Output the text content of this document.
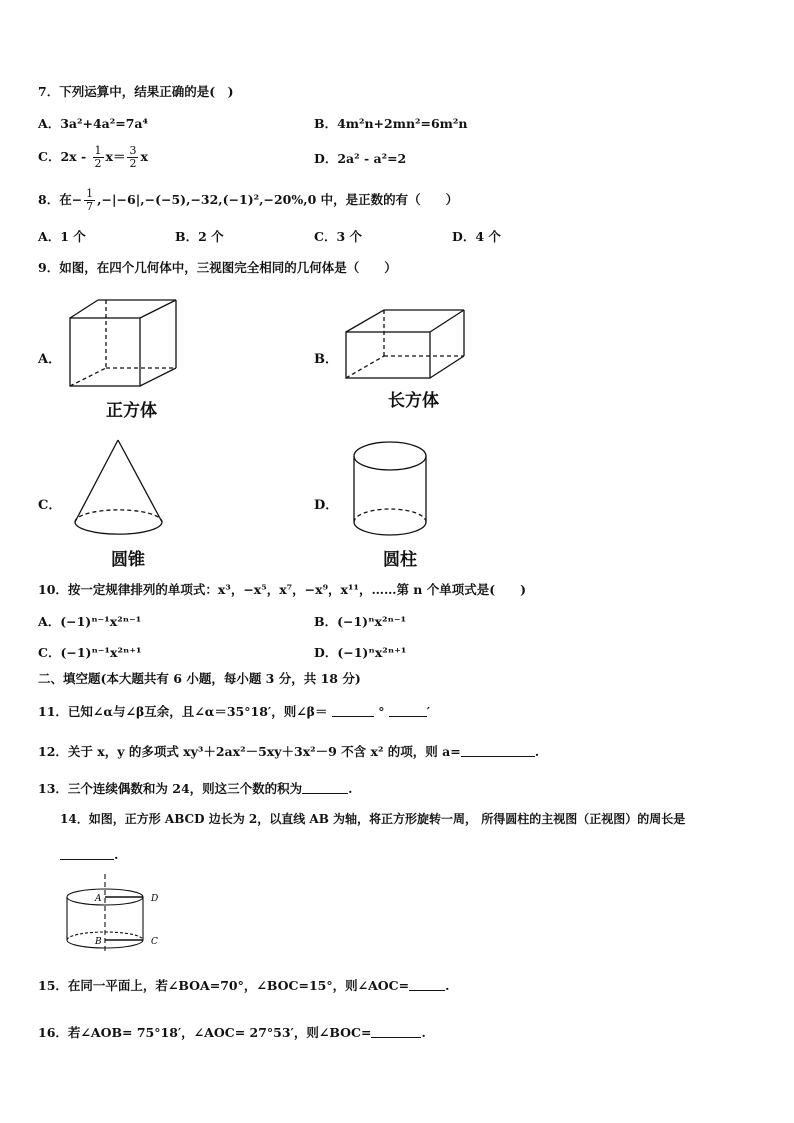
7．下列运算中，结果正确的是(　)
A．3a²+4a²=7a⁴	B．4m²n+2mn²=6m²n
C．$2x - \frac{1}{2} x= \frac{3}{2}$ x	D．2a² - a²=2
8．在− $\frac{1}{7} ,-|-6|,-(-5),-32,(-1)^2,-20\%,0$ 中，是正数的有（　　）
A．1 个	B．2 个	C．3 个	D．4 个
9．如图，在四个几何体中，三视图完全相同的几何体是（　　）
A．
正方体
B．
长方体
C．
圆锥
D．
圆柱
10．按一定规律排列的单项式：x³，−x⁵，x⁷，−x⁹，x¹¹，……第 n 个单项式是(　　)
A．(−1)ⁿ⁻¹x²ⁿ⁻¹	B．(−1)ⁿx²ⁿ⁻¹
C．(−1)ⁿ⁻¹x²ⁿ⁺¹	D．(−1)ⁿx²ⁿ⁺¹
二、填空题(本大题共有 6 小题，每小题 3 分，共 18 分)
11．已知∠α与∠β互余，且∠α＝35°18′，则∠β＝	°	′
12．关于 x，y 的多项式 xy³＋2ax²－5xy＋3x²－9 不含 x² 的项，则 a=	.
13．三个连续偶数和为 24，则这三个数的积为	.
14．如图，正方形 ABCD 边长为 2，以直线 AB 为轴，将正方形旋转一周， 所得圆柱的主视图（正视图）的周长是
.
A
B
D
C
15．在同一平面上，若∠BOA=70°，∠BOC=15°，则∠AOC=	.
16．若∠AOB= 75°18′，∠AOC= 27°53′，则∠BOC=	.
